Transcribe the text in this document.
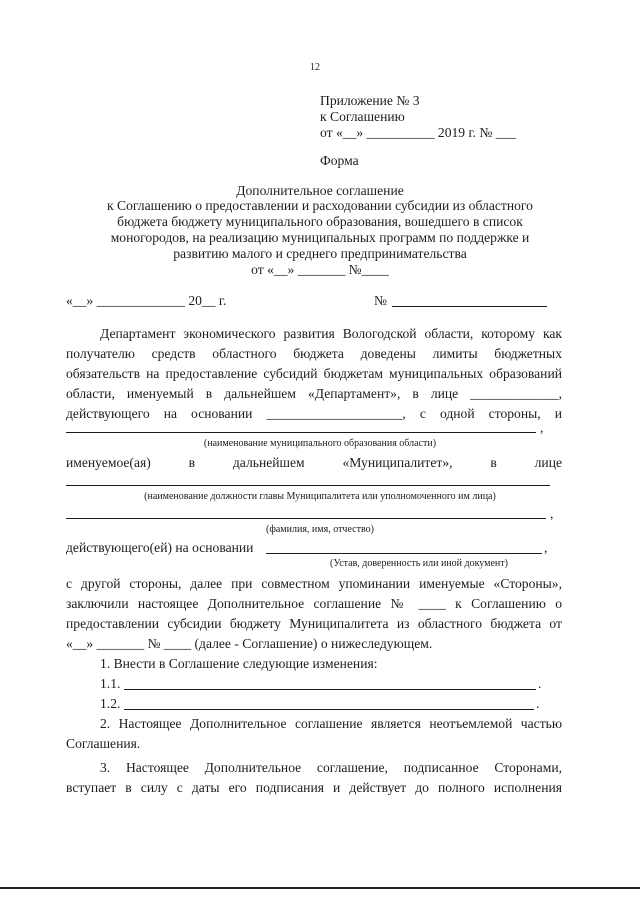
12
Приложение № 3
к Соглашению
от «__» __________ 2019 г. № ___
Форма
Дополнительное соглашение
к Соглашению о предоставлении и расходовании субсидии из областного
бюджета бюджету муниципального образования, вошедшего в список
моногородов, на реализацию муниципальных программ по поддержке и
развитию малого и среднего предпринимательства
от «__» _______ №____
«__» _____________ 20__ г.	№
Департамент экономического развития Вологодской области, которому как
получателю средств областного бюджета доведены лимиты бюджетных
обязательств на предоставление субсидий бюджетам муниципальных образований
области, именуемый в дальнейшем «Департамент», в лице _____________,
действующего на основании ____________________, с одной стороны, и
,
(наименование муниципального образования области)
именуемое(ая) в дальнейшем «Муниципалитет», в лице
(наименование должности главы Муниципалитета или уполномоченного им лица)
,
(фамилия, имя, отчество)
действующего(ей) на основании	,
(Устав, доверенность или иной документ)
с другой стороны, далее при совместном упоминании именуемые «Стороны»,
заключили настоящее Дополнительное соглашение № ____ к Соглашению о
предоставлении субсидии бюджету Муниципалитета из областного бюджета от
«__» _______ № ____ (далее - Соглашение) о нижеследующем.
1. Внести в Соглашение следующие изменения:
1.1.	.
1.2.	.
2. Настоящее Дополнительное соглашение является неотъемлемой частью
Соглашения.
3. Настоящее Дополнительное соглашение, подписанное Сторонами,
вступает в силу с даты его подписания и действует до полного исполнения
